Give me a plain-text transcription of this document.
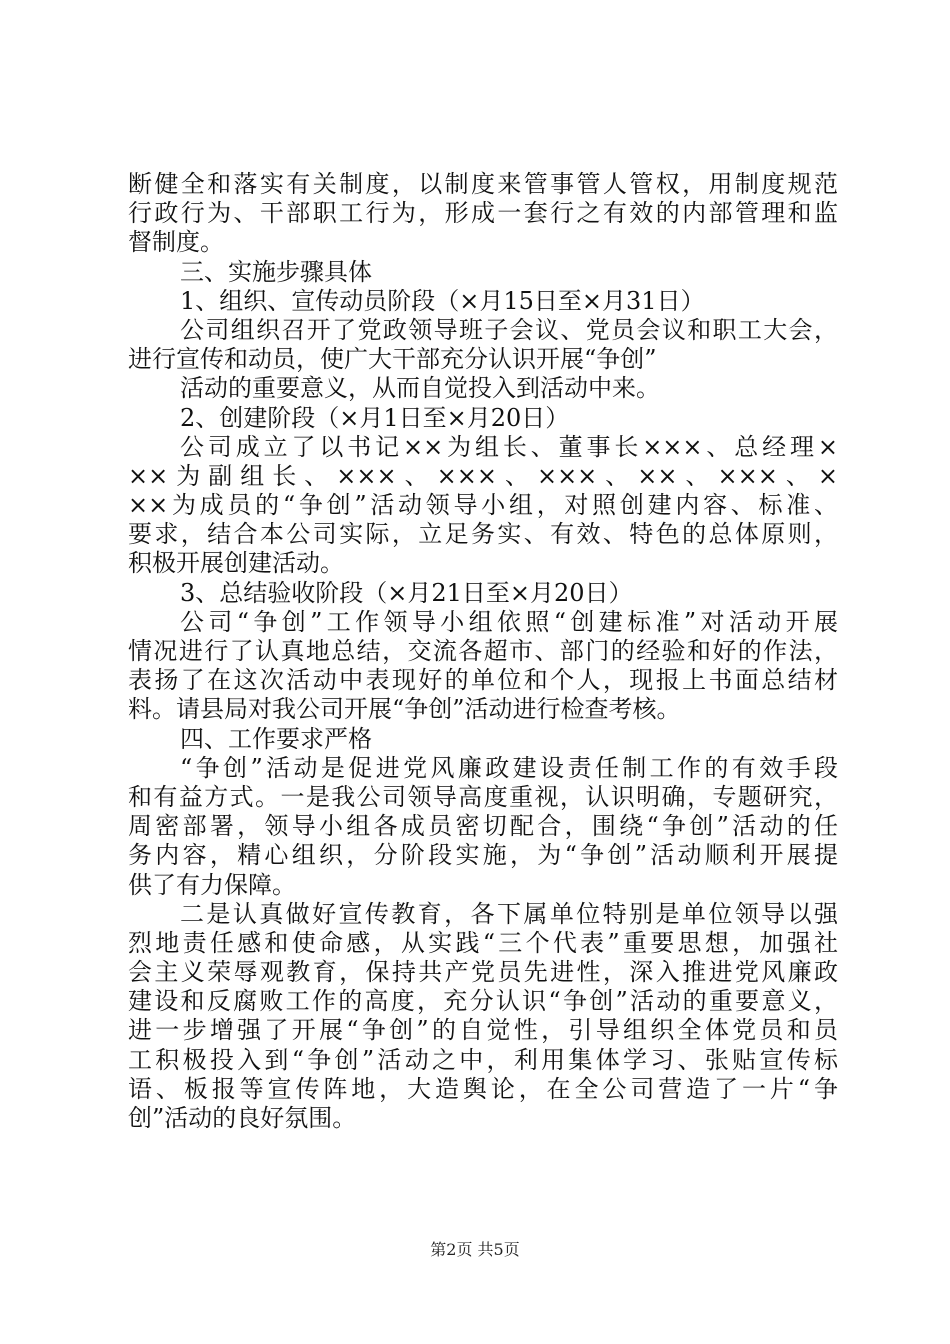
断健全和落实有关制度，以制度来管事管人管权，用制度规范
行政行为、干部职工行为，形成一套行之有效的内部管理和监
督制度。
三、实施步骤具体
1、组织、宣传动员阶段（×月15日至×月31日）
公司组织召开了党政领导班子会议、党员会议和职工大会，
进行宣传和动员，使广大干部充分认识开展“争创”
活动的重要意义，从而自觉投入到活动中来。
2、创建阶段（×月1日至×月20日）
公司成立了以书记××为组长、董事长×××、总经理×
××为副组长、×××、×××、×××、××、×××、×
××为成员的“争创”活动领导小组，对照创建内容、标准、
要求，结合本公司实际，立足务实、有效、特色的总体原则，
积极开展创建活动。
3、总结验收阶段（×月21日至×月20日）
公司“争创”工作领导小组依照“创建标准”对活动开展
情况进行了认真地总结，交流各超市、部门的经验和好的作法，
表扬了在这次活动中表现好的单位和个人，现报上书面总结材
料。请县局对我公司开展“争创”活动进行检查考核。
四、工作要求严格
“争创”活动是促进党风廉政建设责任制工作的有效手段
和有益方式。一是我公司领导高度重视，认识明确，专题研究，
周密部署，领导小组各成员密切配合，围绕“争创”活动的任
务内容，精心组织，分阶段实施，为“争创”活动顺利开展提
供了有力保障。
二是认真做好宣传教育，各下属单位特别是单位领导以强
烈地责任感和使命感，从实践“三个代表”重要思想，加强社
会主义荣辱观教育，保持共产党员先进性，深入推进党风廉政
建设和反腐败工作的高度，充分认识“争创”活动的重要意义，
进一步增强了开展“争创”的自觉性，引导组织全体党员和员
工积极投入到“争创”活动之中，利用集体学习、张贴宣传标
语、板报等宣传阵地，大造舆论，在全公司营造了一片“争
创”活动的良好氛围。
第2页 共5页
